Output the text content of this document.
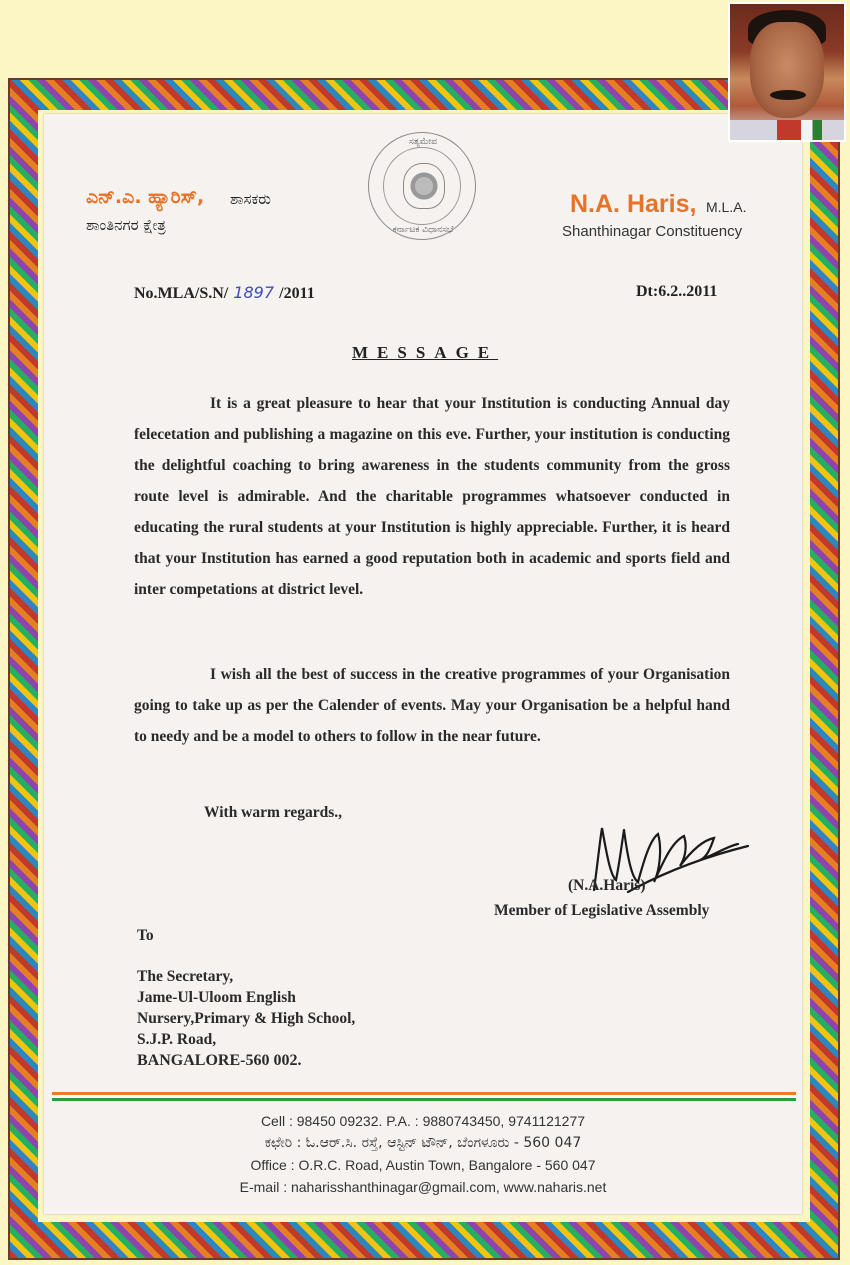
ಸತ್ಯಮೇವ
ಕರ್ನಾಟಕ ವಿಧಾನಸಭೆ
ಎನ್.ಎ. ಹ್ಯಾರಿಸ್, ಶಾಸಕರು
ಶಾಂತಿನಗರ ಕ್ಷೇತ್ರ
N.A. Haris, M.L.A.
Shanthinagar Constituency
No.MLA/S.N/ 1897 /2011	Dt:6.2..2011
MESSAGE
It is a great pleasure to hear that your Institution is conducting Annual day felecetation and publishing a magazine on this eve. Further, your institution is conducting the delightful coaching to bring awareness in the students community from the gross route level is admirable. And the charitable programmes whatsoever conducted in educating the rural students at your Institution is highly appreciable. Further, it is heard that your Institution has earned a good reputation both in academic and sports field and inter competations at district level.
I wish all the best of success in the creative programmes of your Organisation going to take up as per the Calender of events. May your Organisation be a helpful hand to needy and be a model to others to follow in the near future.
With warm regards.,
(N.A.Haris)
Member of Legislative Assembly
To
The Secretary,
Jame-Ul-Uloom English
Nursery,Primary & High School,
S.J.P. Road,
BANGALORE-560 002.
Cell : 98450 09232. P.A. : 9880743450, 9741121277
ಕಛೇರಿ : ಓ.ಆರ್.ಸಿ. ರಸ್ತೆ, ಆಸ್ಟಿನ್ ಟೌನ್, ಬೆಂಗಳೂರು - 560 047
Office : O.R.C. Road, Austin Town, Bangalore - 560 047
E-mail : naharisshanthinagar@gmail.com, www.naharis.net
